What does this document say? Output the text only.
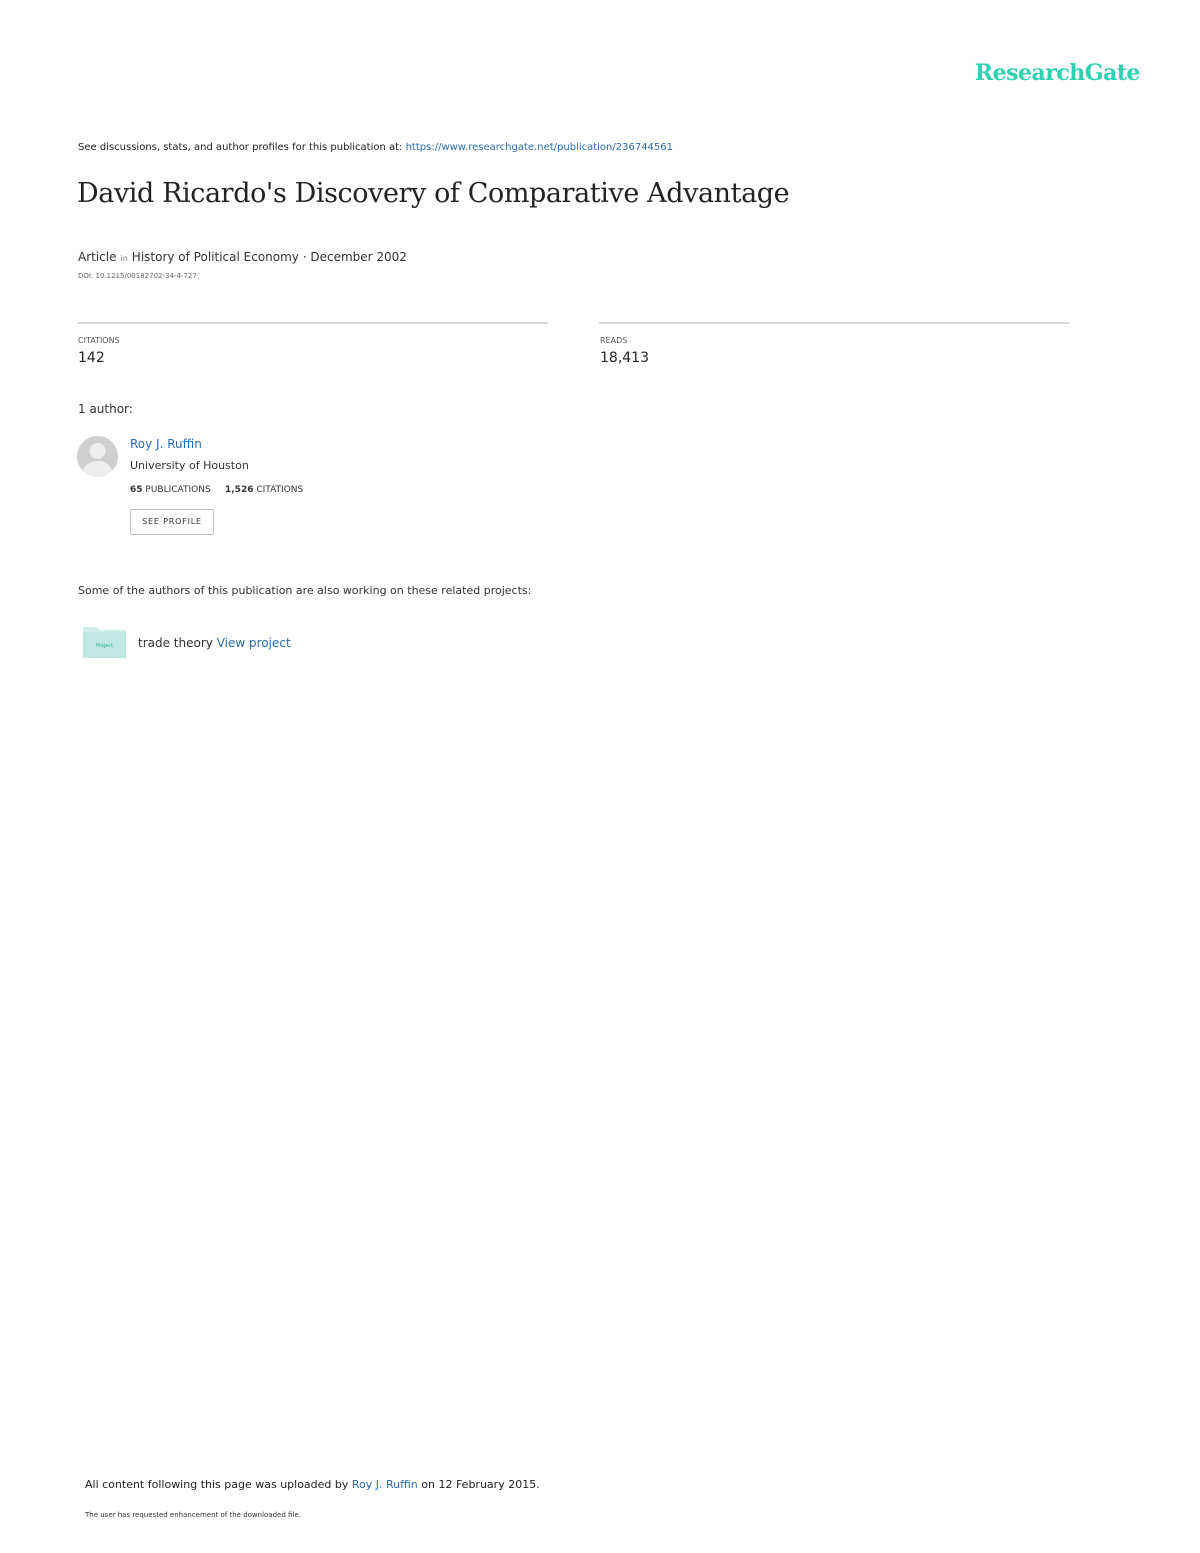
ResearchGate
See discussions, stats, and author profiles for this publication at: https://www.researchgate.net/publication/236744561
David Ricardo's Discovery of Comparative Advantage
Article in History of Political Economy · December 2002
DOI: 10.1215/00182702-34-4-727
CITATIONS
142
READS
18,413
1 author:
Roy J. Ruffin
University of Houston
65 PUBLICATIONS 1,526 CITATIONS
SEE PROFILE
Some of the authors of this publication are also working on these related projects:
Project trade theory View project
All content following this page was uploaded by Roy J. Ruffin on 12 February 2015.
The user has requested enhancement of the downloaded file.
